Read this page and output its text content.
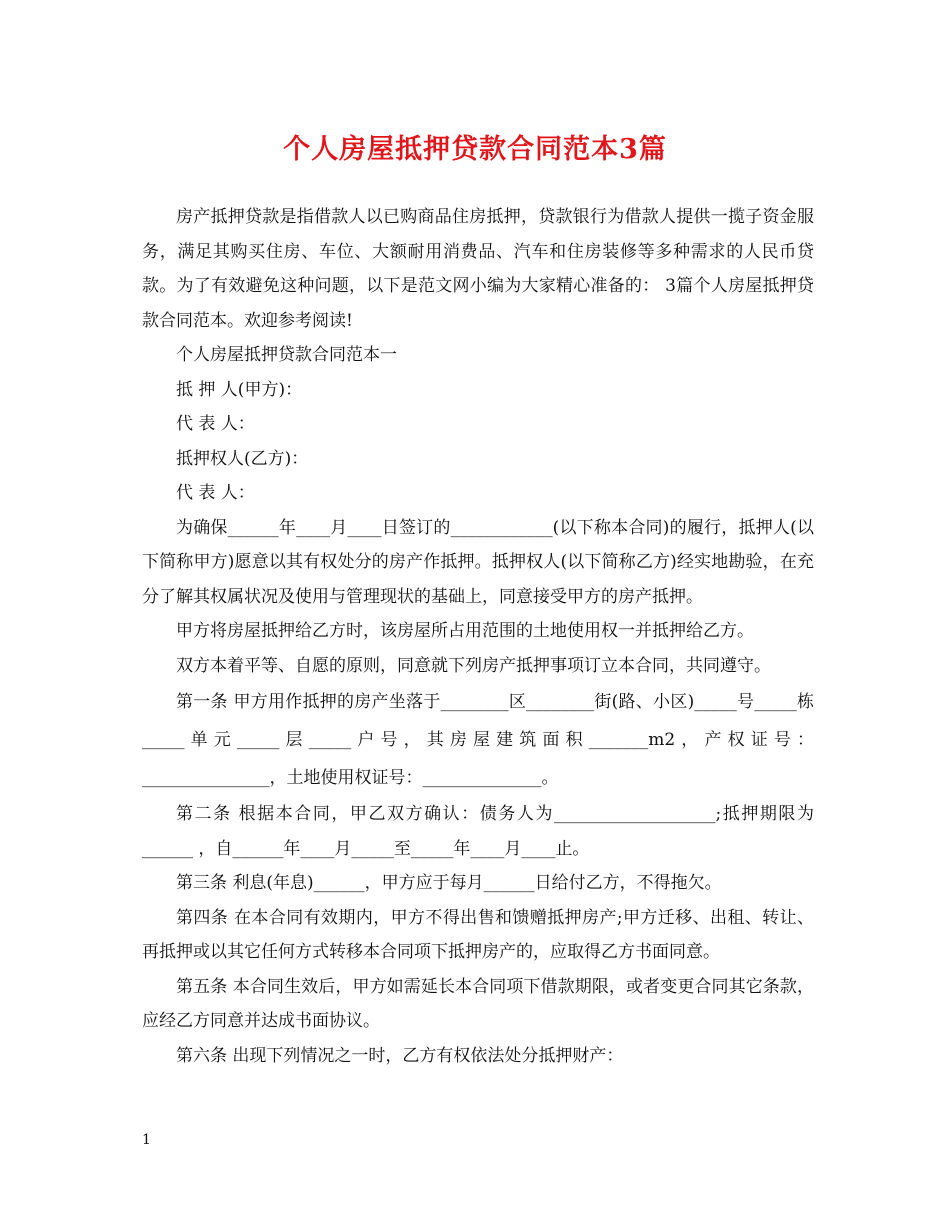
个人房屋抵押贷款合同范本3篇

房产抵押贷款是指借款人以已购商品住房抵押，贷款银行为借款人提供一揽子资金服务，满足其购买住房、车位、大额耐用消费品、汽车和住房装修等多种需求的人民币贷款。为了有效避免这种问题，以下是范文网小编为大家精心准备的： 3篇个人房屋抵押贷款合同范本。欢迎参考阅读!

个人房屋抵押贷款合同范本一

抵 押 人(甲方)：

代 表 人：

抵押权人(乙方)：

代 表 人：

为确保______年____月____日签订的____________(以下称本合同)的履行，抵押人(以下简称甲方)愿意以其有权处分的房产作抵押。抵押权人(以下简称乙方)经实地勘验，在充分了解其权属状况及使用与管理现状的基础上，同意接受甲方的房产抵押。

甲方将房屋抵押给乙方时，该房屋所占用范围的土地使用权一并抵押给乙方。

双方本着平等、自愿的原则，同意就下列房产抵押事项订立本合同，共同遵守。

第一条 甲方用作抵押的房产坐落于________区________街(路、小区)_____号_____栋_____单元_____层_____户号，其房屋建筑面积_______m2，产权证号：_______________，土地使用权证号：______________。

第二条 根据本合同，甲乙双方确认：债务人为___________________;抵押期限为______ ，自______年____月_____至_____年____月____止。

第三条 利息(年息)______，甲方应于每月______日给付乙方，不得拖欠。

第四条 在本合同有效期内，甲方不得出售和馈赠抵押房产;甲方迁移、出租、转让、再抵押或以其它任何方式转移本合同项下抵押房产的，应取得乙方书面同意。

第五条 本合同生效后，甲方如需延长本合同项下借款期限，或者变更合同其它条款，应经乙方同意并达成书面协议。

第六条 出现下列情况之一时，乙方有权依法处分抵押财产：

1
